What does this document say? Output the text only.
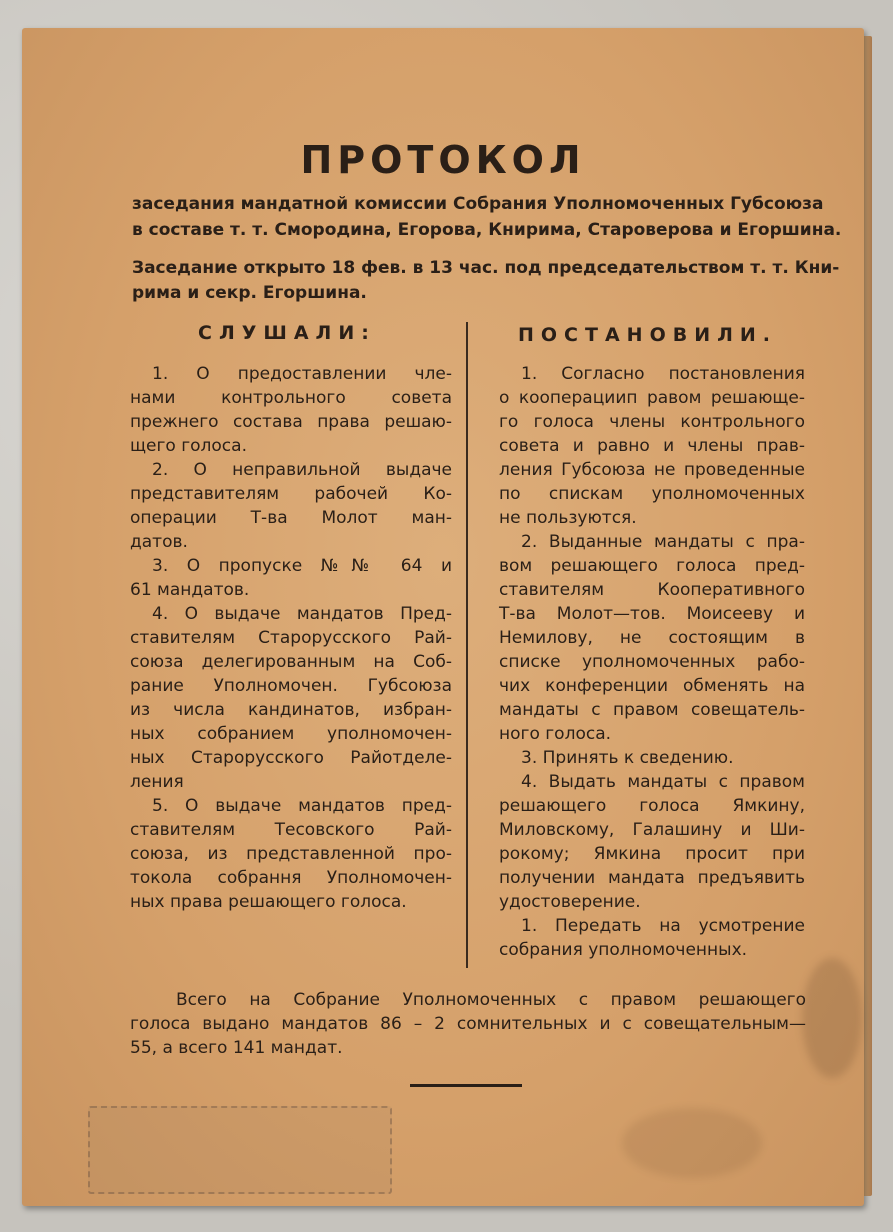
ПРОТОКОЛ
заседания мандатной комиссии Собрания Уполномоченных Губсоюза
в составе т. т. Смородина, Егорова, Книрима, Староверова и Егоршина.
Заседание открыто 18 фев. в 13 час. под председательством т. т. Кни-
рима и секр. Егоршина.
СЛУШАЛИ:	ПОСТАНОВИЛИ.
1. О предоставлении чле-
нами контрольного совета
прежнего состава права решаю-
щего голоса.
2. О неправильной выдаче
представителям рабочей Ко-
операции Т-ва Молот ман-
датов.
3. О пропуске №№ 64 и
61 мандатов.
4. О выдаче мандатов Пред-
ставителям Старорусского Рай-
союза делегированным на Соб-
рание Уполномочен. Губсоюза
из числа кандинатов, избран-
ных собранием уполномочен-
ных Старорусского Райотделе-
ления
5. О выдаче мандатов пред-
ставителям Тесовского Рай-
союза, из представленной про-
токола собрання Уполномочен-
ных права решающего голоса.
1. Согласно постановления
о кооперациип равом решающе-
го голоса члены контрольного
совета и равно и члены прав-
ления Губсоюза не проведенные
по спискам уполномоченных
не пользуются.
2. Выданные мандаты с пра-
вом решающего голоса пред-
ставителям Кооперативного
Т-ва Молот—тов. Моисееву и
Немилову, не состоящим в
списке уполномоченных рабо-
чих конференции обменять на
мандаты с правом совещатель-
ного голоса.
3. Принять к сведению.
4. Выдать мандаты с правом
решающего голоса Ямкину,
Миловскому, Галашину и Ши-
рокому; Ямкина просит при
получении мандата предъявить
удостоверение.
1. Передать на усмотрение
собрания уполномоченных.
Всего на Собрание Уполномоченных с правом решающего
голоса выдано мандатов 86 – 2 сомнительных и с совещательным—
55, а всего 141 мандат.
